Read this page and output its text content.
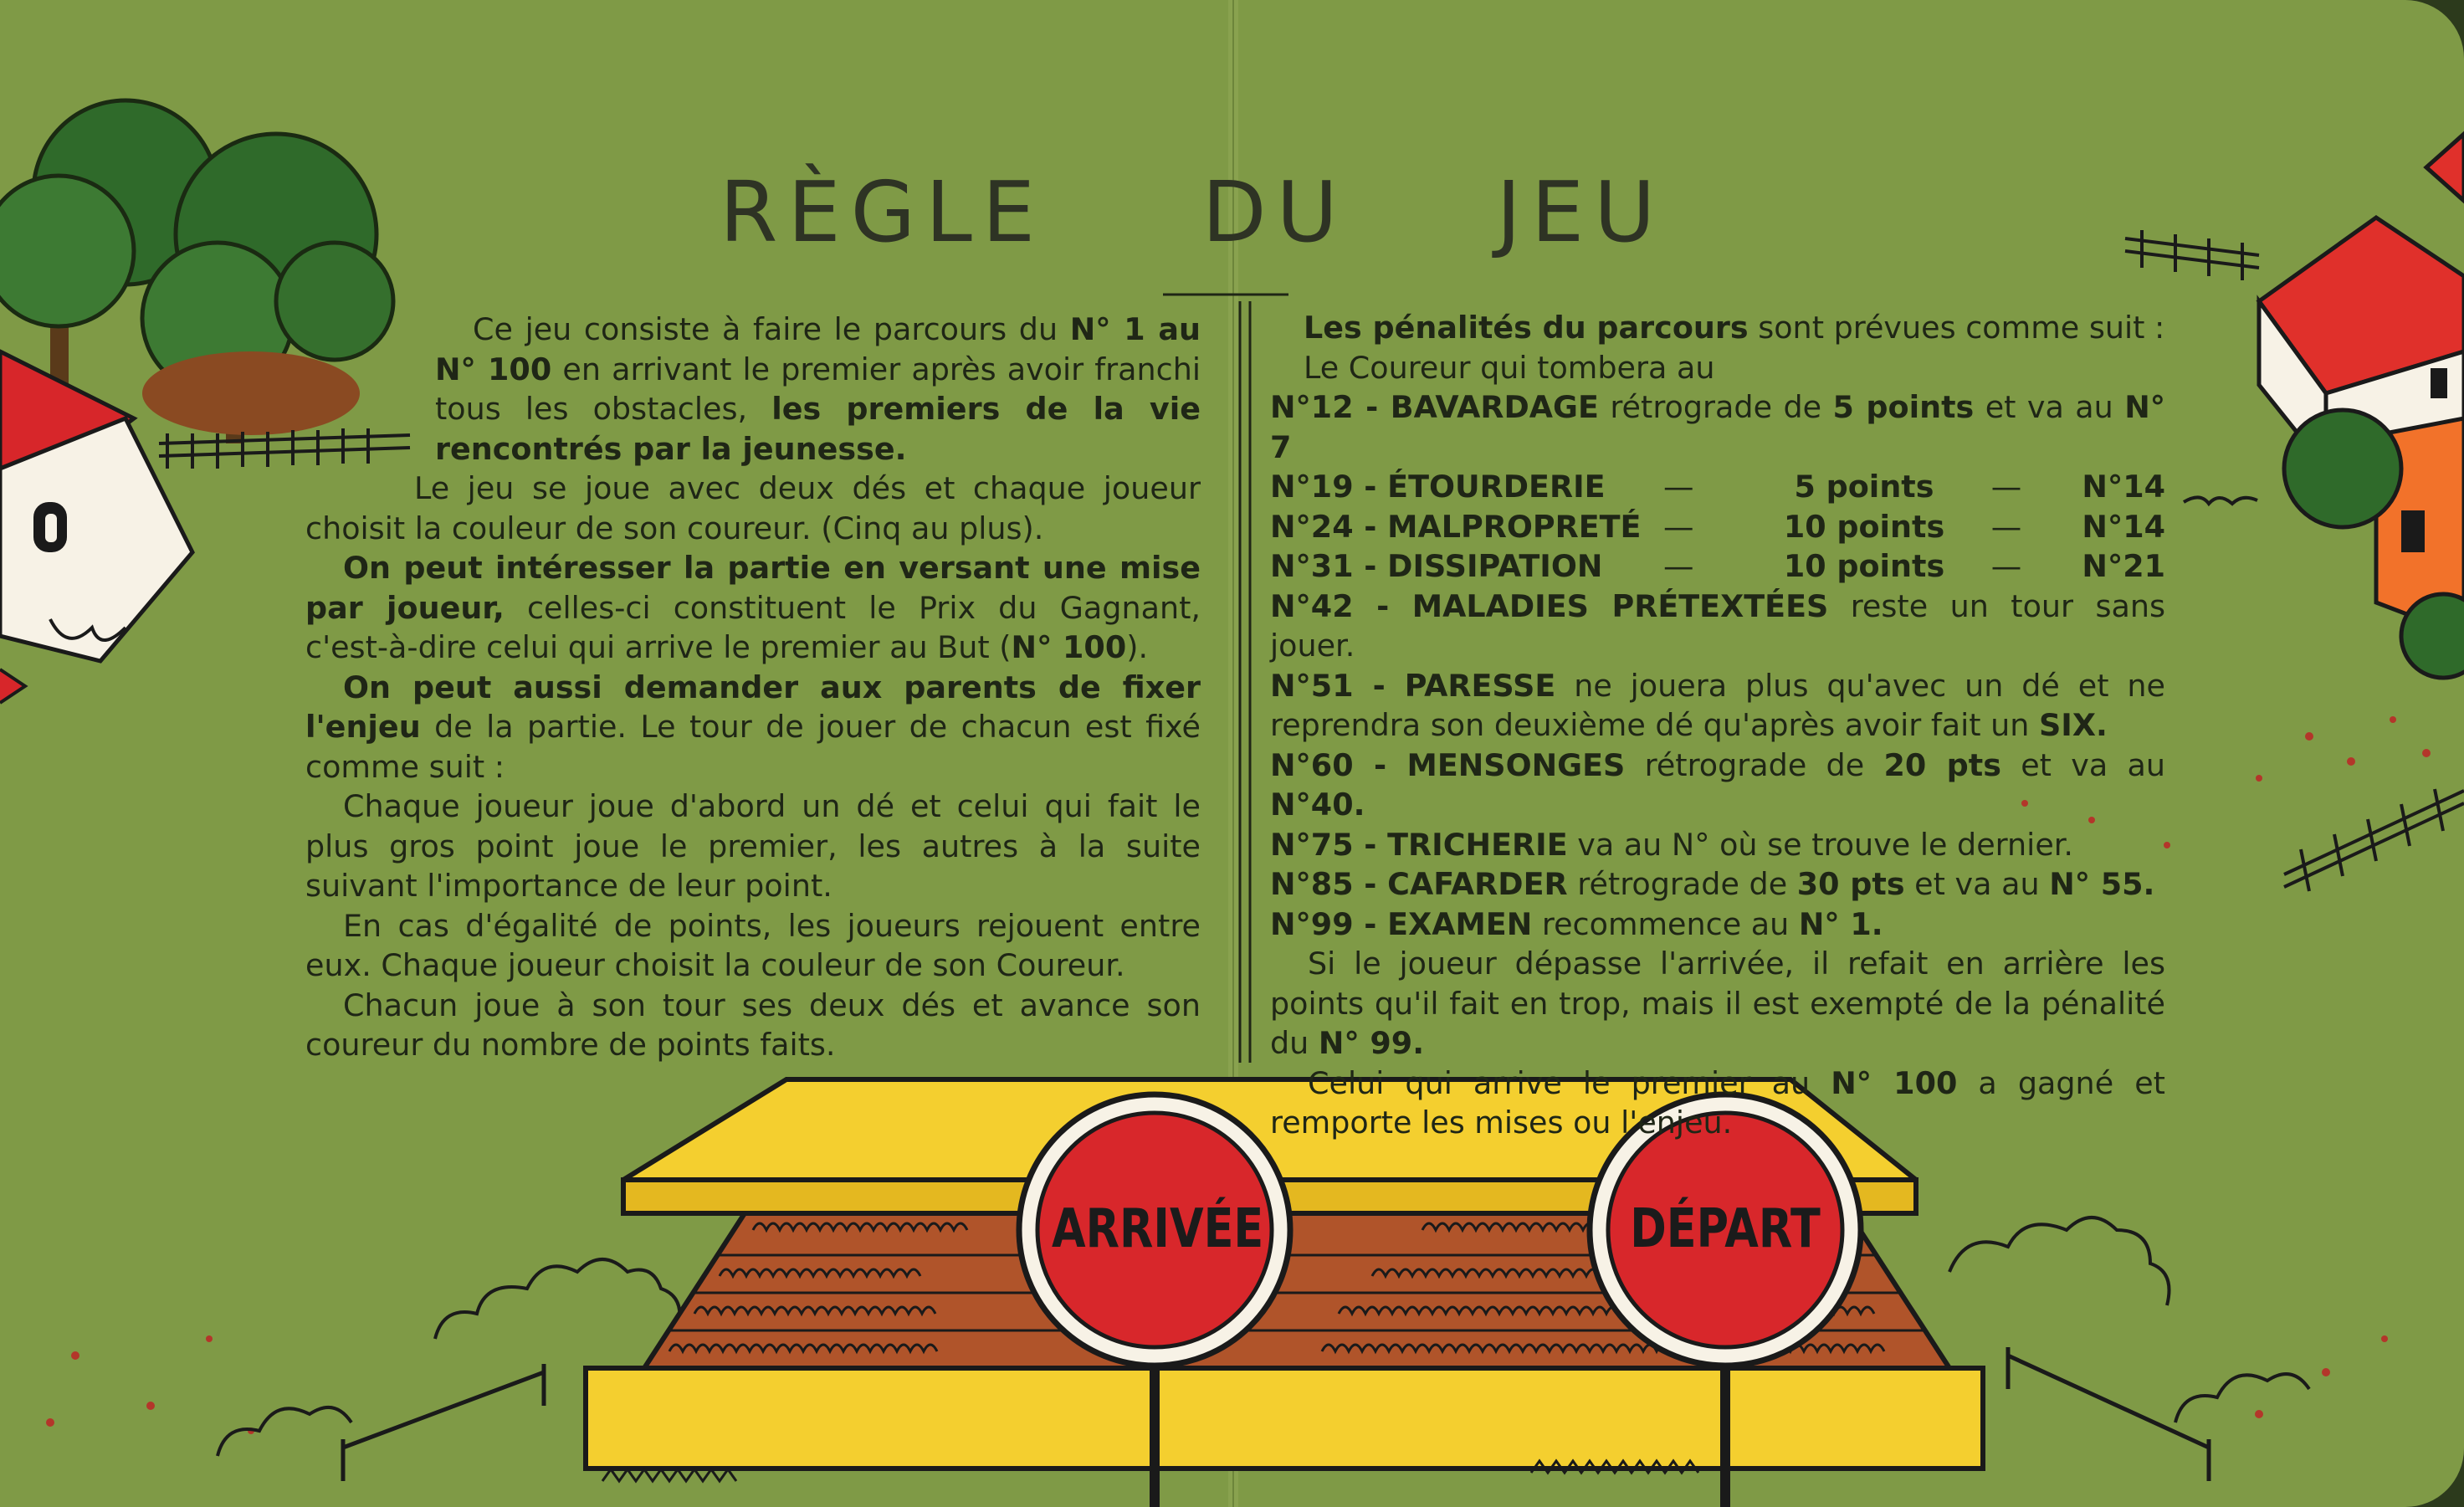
RÈGLE DU JEU

Ce jeu consiste à faire le parcours du N° 1 au N° 100 en arrivant le premier après avoir franchi tous les obstacles, les premiers de la vie rencontrés par la jeunesse.

Le jeu se joue avec deux dés et chaque joueur choisit la couleur de son coureur. (Cinq au plus).

On peut intéresser la partie en versant une mise par joueur, celles-ci constituent le Prix du Gagnant, c'est-à-dire celui qui arrive le premier au But (N° 100).

On peut aussi demander aux parents de fixer l'enjeu de la partie. Le tour de jouer de chacun est fixé comme suit :

Chaque joueur joue d'abord un dé et celui qui fait le plus gros point joue le premier, les autres à la suite suivant l'importance de leur point.

En cas d'égalité de points, les joueurs rejouent entre eux. Chaque joueur choisit la couleur de son Coureur.

Chacun joue à son tour ses deux dés et avance son coureur du nombre de points faits.

Les pénalités du parcours sont prévues comme suit :

Le Coureur qui tombera au

N°12 - BAVARDAGE rétrograde de 5 points et va au N° 7

N°19 - ÉTOURDERIE	—	5 points	—	N°14
N°24 - MALPROPRETÉ —	10 points	—	N°14
N°31 - DISSIPATION	—	10 points	—	N°21

N°42 - MALADIES PRÉTEXTÉES reste un tour sans jouer.

N°51 - PARESSE ne jouera plus qu'avec un dé et ne reprendra son deuxième dé qu'après avoir fait un SIX.

N°60 - MENSONGES rétrograde de 20 pts et va au N°40.

N°75 - TRICHERIE va au N° où se trouve le dernier.

N°85 - CAFARDER rétrograde de 30 pts et va au N° 55.

N°99 - EXAMEN recommence au N° 1.

Si le joueur dépasse l'arrivée, il refait en arrière les points qu'il fait en trop, mais il est exempté de la pénalité du N° 99.

Celui qui arrive le premier au N° 100 a gagné et remporte les mises ou l'enjeu.

ARRIVÉE	DÉPART
